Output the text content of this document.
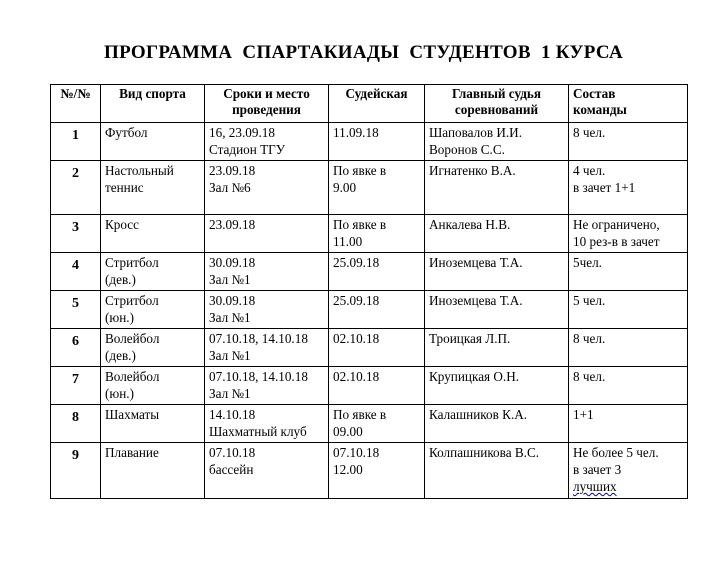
ПРОГРАММА  СПАРТАКИАДЫ  СТУДЕНТОВ  1 КУРСА
№/№	Вид спорта	Сроки и место
проведения	Судейская	Главный судья
соревнований	Состав
команды

1	Футбол	16, 23.09.18
Стадион ТГУ	11.09.18	Шаповалов И.И.
Воронов С.С.	8 чел.

2	Настольный
теннис	23.09.18
Зал №6	По явке в
9.00	Игнатенко В.А.	4 чел.
в зачет 1+1

3	Кросс	23.09.18	По явке в
11.00	Анкалева Н.В.	Не ограничено,
10 рез-в в зачет

4	Стритбол
(дев.)	30.09.18
Зал №1	25.09.18	Иноземцева Т.А.	5чел.

5	Стритбол
(юн.)	30.09.18
Зал №1	25.09.18	Иноземцева Т.А.	5 чел.

6	Волейбол
(дев.)	07.10.18, 14.10.18
Зал №1	02.10.18	Троицкая Л.П.	8 чел.

7	Волейбол
(юн.)	07.10.18, 14.10.18
Зал №1	02.10.18	Крупицкая О.Н.	8 чел.

8	Шахматы	14.10.18
Шахматный клуб	По явке в
09.00	Калашников К.А.	1+1

9	Плавание	07.10.18
бассейн	07.10.18
12.00	Колпашникова В.С.	Не более 5 чел.
в зачет 3
лучших
